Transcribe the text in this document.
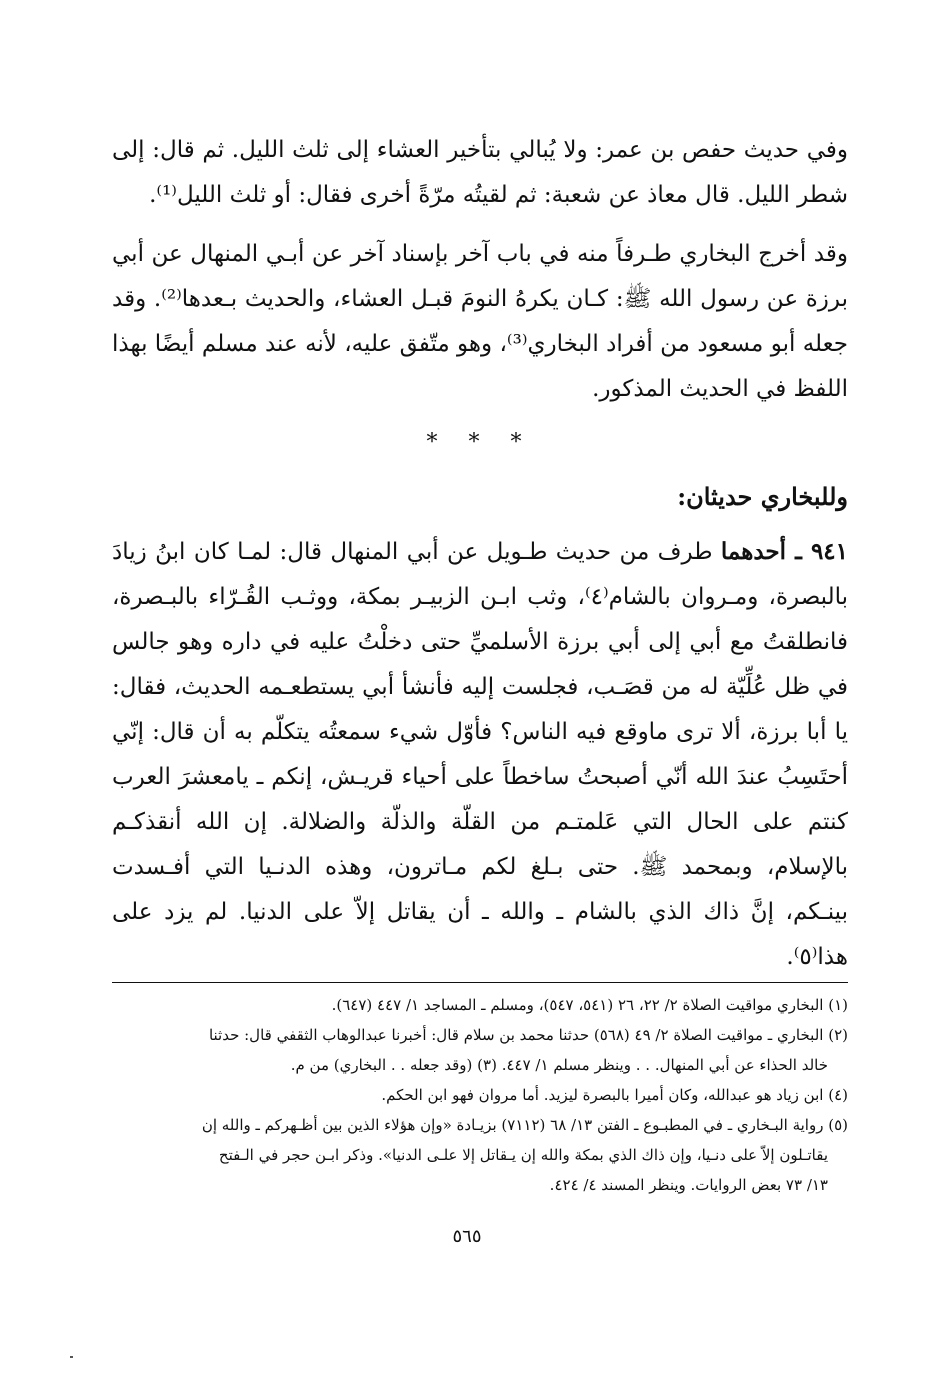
وفي حديث حفص بن عمر: ولا يُبالي بتأخير العشاء إلى ثلث الليل. ثم قال: إلى شطر الليل. قال معاذ عن شعبة: ثم لقيتُه مرّةً أخرى فقال: أو ثلث الليل⁽¹⁾.

وقد أخرج البخاري طـرفاً منه في باب آخر بإسناد آخر عن أبـي المنهال عن أبي برزة عن رسول الله ﷺ: كـان يكرهُ النومَ قبـل العشاء، والحديث بـعدها⁽²⁾. وقد جعله أبو مسعود من أفراد البخاري⁽³⁾، وهو متّفق عليه، لأنه عند مسلم أيضًا بهذا اللفظ في الحديث المذكور.

* * *
وللبخاري حديثان:

٩٤١ ـ أحدهما طرف من حديث طـويل عن أبي المنهال قال: لمـا كان ابنُ زيادَ بالبصرة، ومـروان بالشام⁽٤⁾، وثب ابـن الزبيـر بمكة، ووثـب القُـرّاء بالبـصرة، فانطلقتُ مع أبي إلى أبي برزة الأسلميِّ حتى دخلْتُ عليه في داره وهو جالس في ظل عُلِّيّة له من قصَـب، فجلست إليه فأنشأ أبي يستطعـمه الحديث، فقال: يا أبا برزة، ألا ترى ماوقع فيه الناس؟ فأوّل شيء سمعتُه يتكلّم به أن قال: إنّي أحتَسِبُ عندَ الله أنّي أصبحتُ ساخطاً على أحياء قريـش، إنكم ـ يامعشرَ العرب كنتم على الحال التي عَلمتـم من القلّة والذلّة والضلالة. إن الله أنقذكـم بالإسلام، وبمحمد ﷺ. حتى بـلغ لكم مـاترون، وهذه الدنـيا التي أفـسدت بينـكم، إنَّ ذاك الذي بالشام ـ والله ـ أن يقاتل إلاّ على الدنيا. لم يزد على هذا⁽٥⁾.

(١) البخاري مواقيت الصلاة ٢/ ٢٢، ٢٦ (٥٤١، ٥٤٧)، ومسلم ـ المساجد ١/ ٤٤٧ (٦٤٧).

(٢) البخاري ـ مواقيت الصلاة ٢/ ٤٩ (٥٦٨) حدثنا محمد بن سلام قال: أخبرنا عبدالوهاب الثقفي قال: حدثنا

خالد الحذاء عن أبي المنهال. . . وينظر مسلم ١/ ٤٤٧. (٣) (وقد جعله . . البخاري) من م.

(٤) ابن زياد هو عبدالله، وكان أميرا بالبصرة ليزيد. أما مروان فهو ابن الحكم.

(٥) رواية البـخاري ـ في المطبـوع ـ الفتن ١٣/ ٦٨ (٧١١٢) بزيـادة «وإن هؤلاء الذين بين أظـهركم ـ والله إن

يقاتـلون إلاّ على دنـيا، وإن ذاك الذي بمكة والله إن يـقاتل إلا علـى الدنيا». وذكر ابـن حجر في الـفتح

١٣/ ٧٣ بعض الروايات. وينظر المسند ٤/ ٤٢٤.

٥٦٥
